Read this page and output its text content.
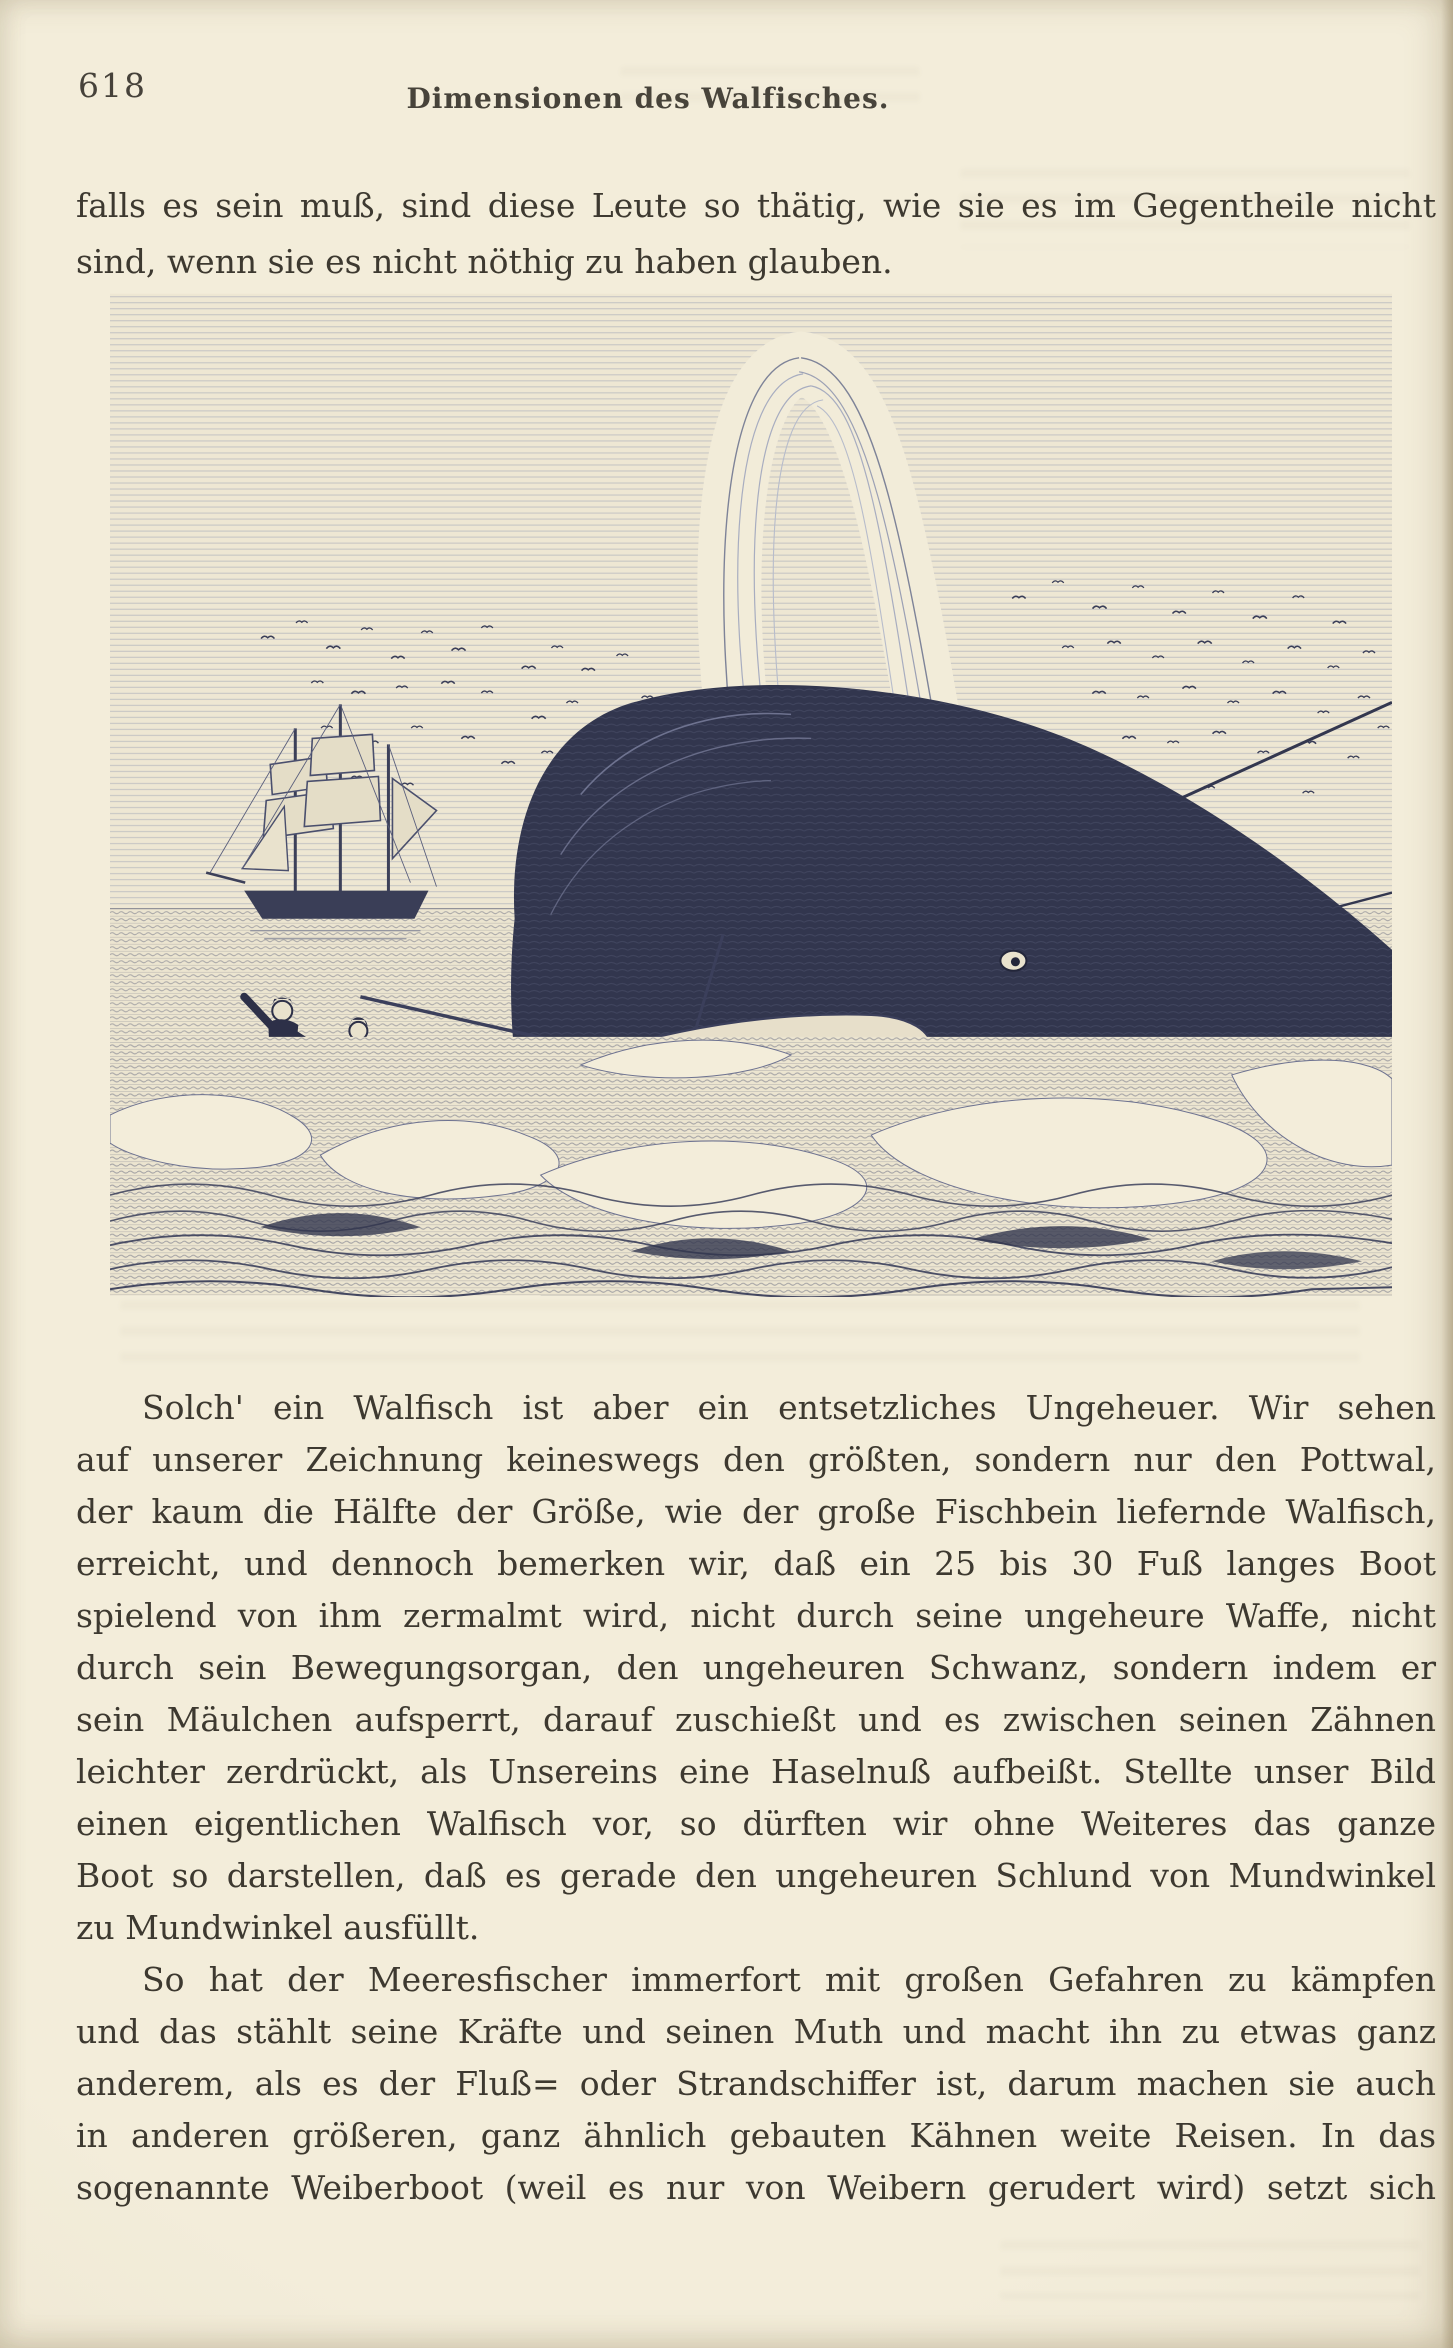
618	Dimensionen des Walfisches.
falls es sein muß, sind diese Leute so thätig, wie sie es im Gegentheile nicht
sind, wenn sie es nicht nöthig zu haben glauben.
Solch' ein Walfisch ist aber ein entsetzliches Ungeheuer. Wir sehen
auf unserer Zeichnung keineswegs den größten, sondern nur den Pottwal,
der kaum die Hälfte der Größe, wie der große Fischbein liefernde Walfisch,
erreicht, und dennoch bemerken wir, daß ein 25 bis 30 Fuß langes Boot
spielend von ihm zermalmt wird, nicht durch seine ungeheure Waffe, nicht
durch sein Bewegungsorgan, den ungeheuren Schwanz, sondern indem er
sein Mäulchen aufsperrt, darauf zuschießt und es zwischen seinen Zähnen
leichter zerdrückt, als Unsereins eine Haselnuß aufbeißt. Stellte unser Bild
einen eigentlichen Walfisch vor, so dürften wir ohne Weiteres das ganze
Boot so darstellen, daß es gerade den ungeheuren Schlund von Mundwinkel
zu Mundwinkel ausfüllt.
So hat der Meeresfischer immerfort mit großen Gefahren zu kämpfen
und das stählt seine Kräfte und seinen Muth und macht ihn zu etwas ganz
anderem, als es der Fluß= oder Strandschiffer ist, darum machen sie auch
in anderen größeren, ganz ähnlich gebauten Kähnen weite Reisen. In das
sogenannte Weiberboot (weil es nur von Weibern gerudert wird) setzt sich
